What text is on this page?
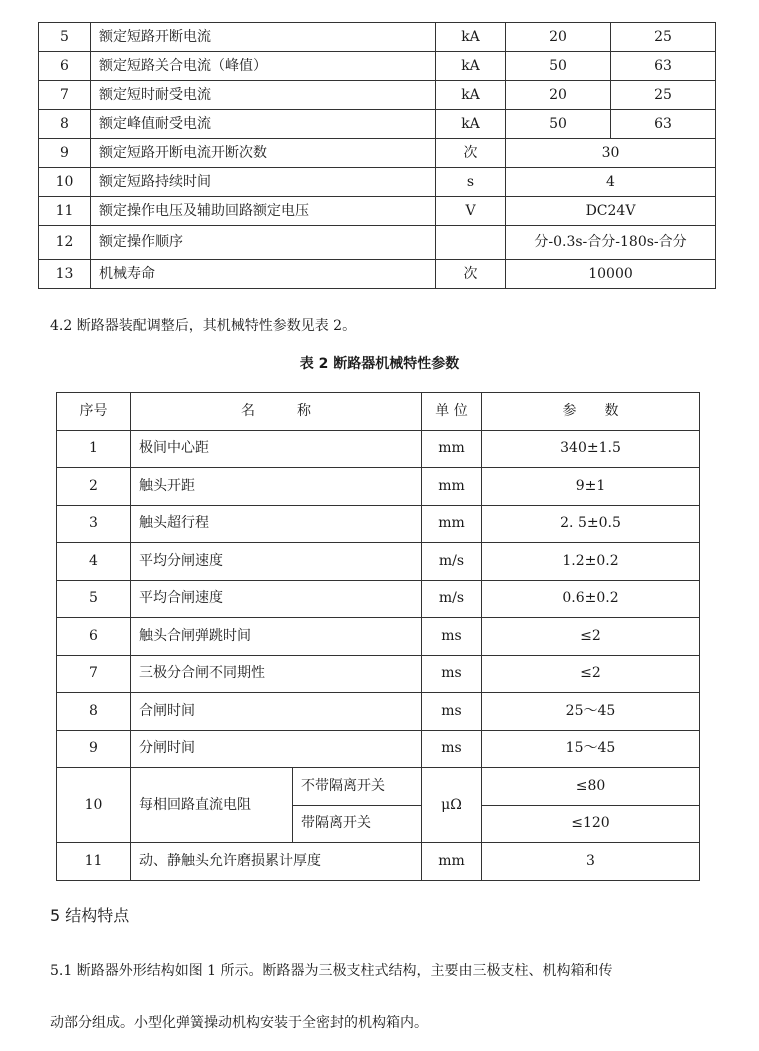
5	额定短路开断电流	kA	20	25
6	额定短路关合电流（峰值）	kA	50	63
7	额定短时耐受电流	kA	20	25
8	额定峰值耐受电流	kA	50	63
9	额定短路开断电流开断次数	次	30	
10	额定短路持续时间	s	4	
11	额定操作电压及辅助回路额定电压	V	DC24V	
12	额定操作顺序		分-0.3s-合分-180s-合分	
13	机械寿命	次	10000	
4.2 断路器装配调整后，其机械特性参数见表 2。
表 2 断路器机械特性参数
序号	名　　　称		单 位	参　　数
1	极间中心距		mm	340±1.5
2	触头开距		mm	9±1
3	触头超行程		mm	2. 5±0.5
4	平均分闸速度		m/s	1.2±0.2
5	平均合闸速度		m/s	0.6±0.2
6	触头合闸弹跳时间		ms	≤2
7	三极分合闸不同期性		ms	≤2
8	合闸时间		ms	25～45
9	分闸时间		ms	15～45
10	每相回路直流电阻	不带隔离开关	μΩ	≤80
		带隔离开关		≤120
11	动、静触头允许磨损累计厚度		mm	3
5 结构特点
5.1 断路器外形结构如图 1 所示。断路器为三极支柱式结构，主要由三极支柱、机构箱和传
动部分组成。小型化弹簧操动机构安装于全密封的机构箱内。
